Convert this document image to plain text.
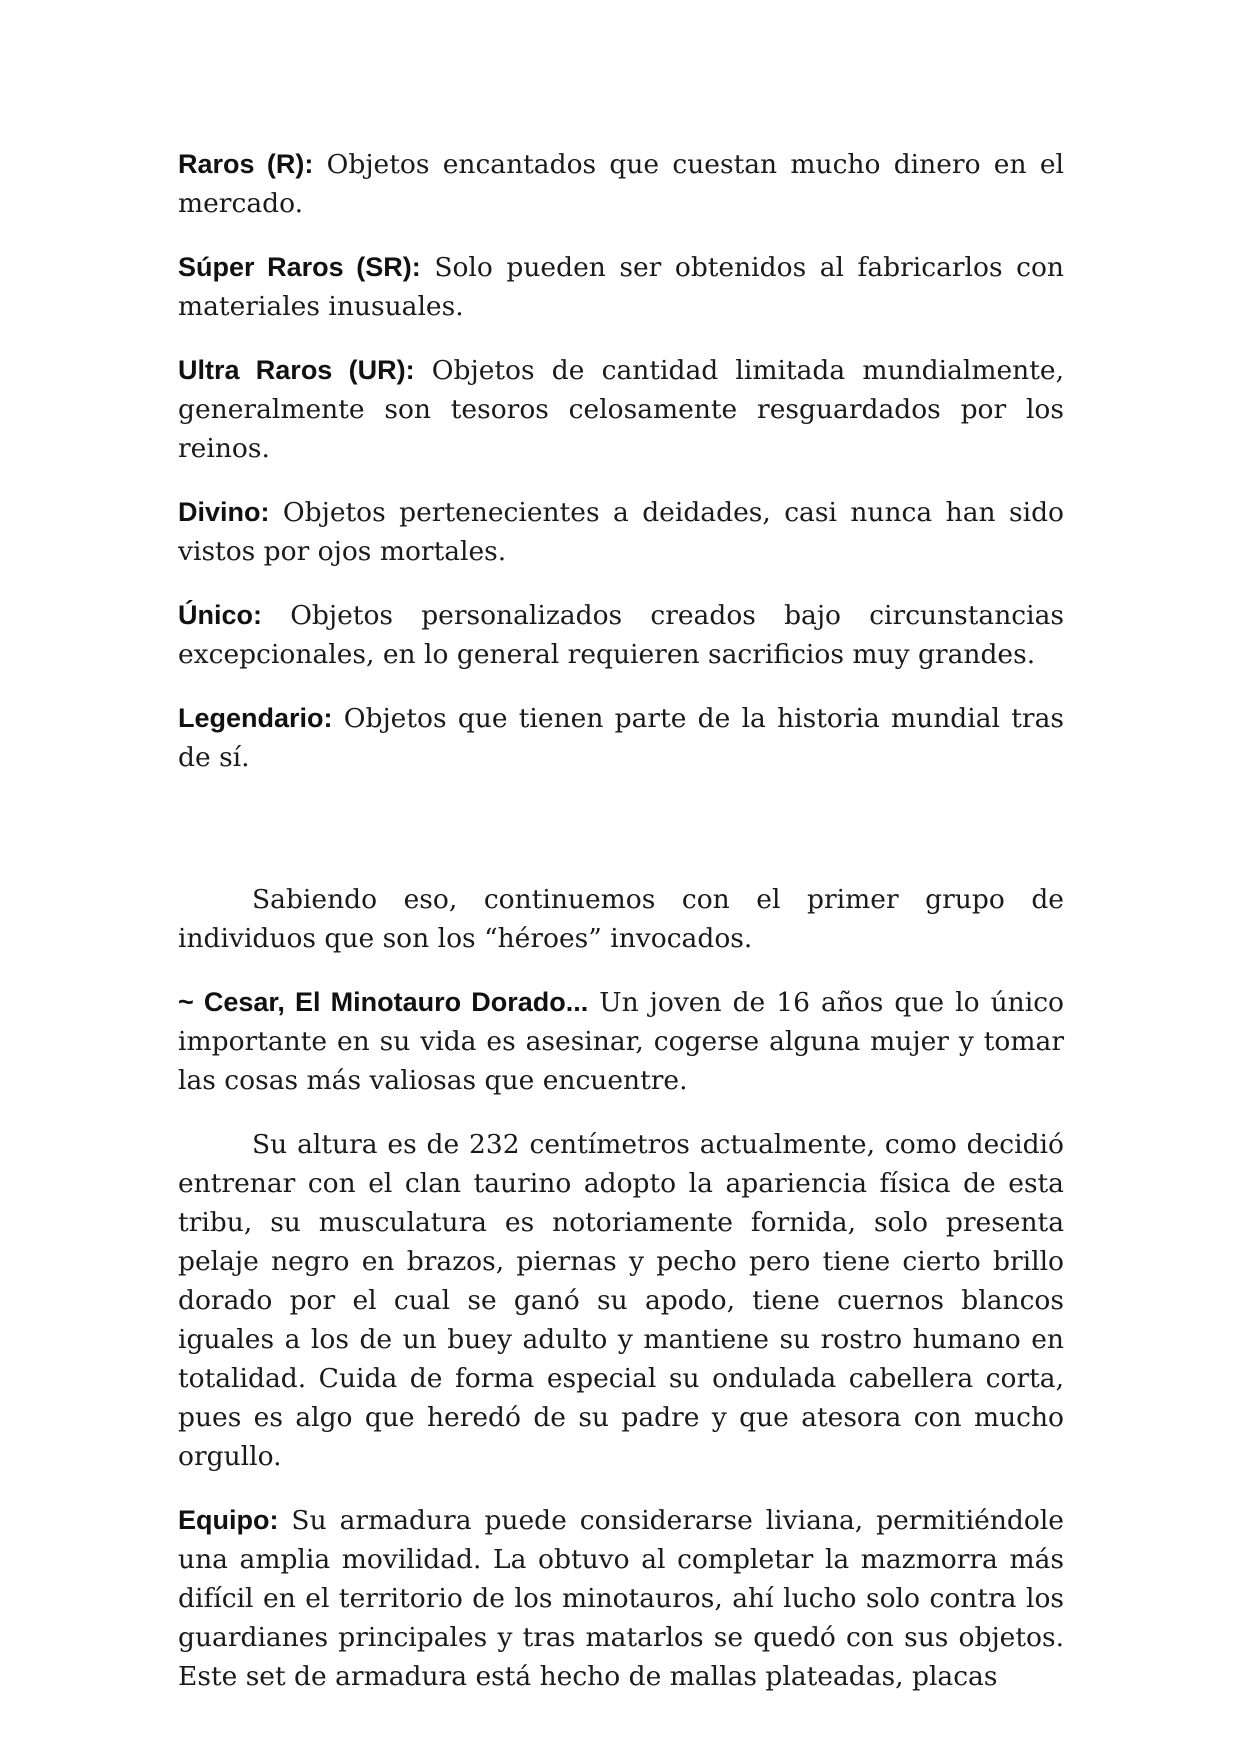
Raros (R): Objetos encantados que cuestan mucho dinero en el mercado.

Súper Raros (SR): Solo pueden ser obtenidos al fabricarlos con materiales inusuales.

Ultra Raros (UR): Objetos de cantidad limitada mundialmente, generalmente son tesoros celosamente resguardados por los reinos.

Divino: Objetos pertenecientes a deidades, casi nunca han sido vistos por ojos mortales.

Único: Objetos personalizados creados bajo circunstancias excepcionales, en lo general requieren sacrificios muy grandes.

Legendario: Objetos que tienen parte de la historia mundial tras de sí.

Sabiendo eso, continuemos con el primer grupo de individuos que son los “héroes” invocados.

~ Cesar, El Minotauro Dorado... Un joven de 16 años que lo único importante en su vida es asesinar, cogerse alguna mujer y tomar las cosas más valiosas que encuentre.

Su altura es de 232 centímetros actualmente, como decidió entrenar con el clan taurino adopto la apariencia física de esta tribu, su musculatura es notoriamente fornida, solo presenta pelaje negro en brazos, piernas y pecho pero tiene cierto brillo dorado por el cual se ganó su apodo, tiene cuernos blancos iguales a los de un buey adulto y mantiene su rostro humano en totalidad. Cuida de forma especial su ondulada cabellera corta, pues es algo que heredó de su padre y que atesora con mucho orgullo.

Equipo: Su armadura puede considerarse liviana, permitiéndole una amplia movilidad. La obtuvo al completar la mazmorra más difícil en el territorio de los minotauros, ahí lucho solo contra los guardianes principales y tras matarlos se quedó con sus objetos. Este set de armadura está hecho de mallas plateadas, placas
